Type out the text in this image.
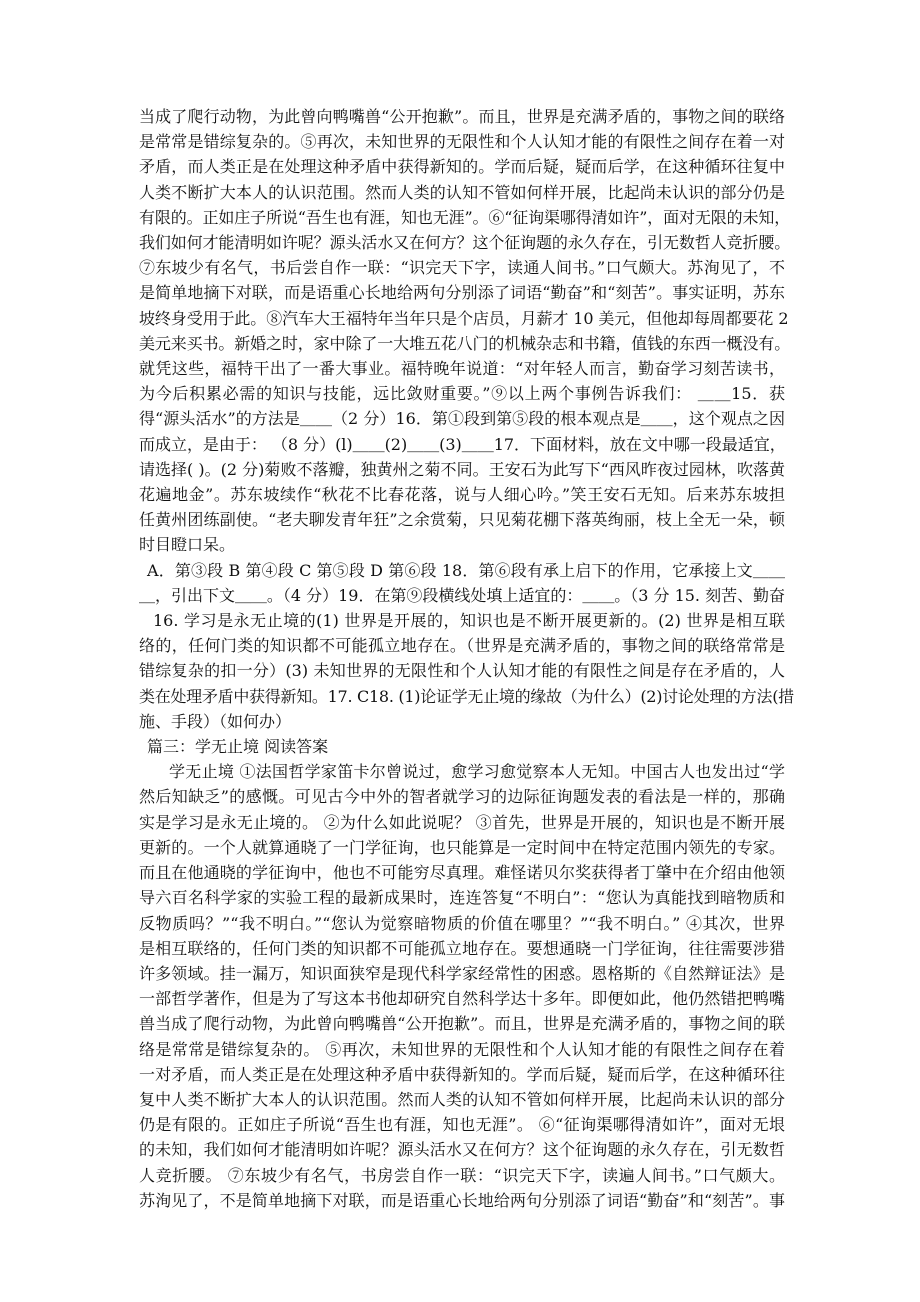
当成了爬行动物，为此曾向鸭嘴兽“公开抱歉”。而且，世界是充满矛盾的，事物之间的联络
是常常是错综复杂的。⑤再次，未知世界的无限性和个人认知才能的有限性之间存在着一对
矛盾，而人类正是在处理这种矛盾中获得新知的。学而后疑，疑而后学，在这种循环往复中
人类不断扩大本人的认识范围。然而人类的认知不管如何样开展，比起尚未认识的部分仍是
有限的。正如庄子所说“吾生也有涯，知也无涯”。⑥“征询渠哪得清如许”，面对无限的未知，
我们如何才能清明如许呢？源头活水又在何方？这个征询题的永久存在，引无数哲人竞折腰。
⑦东坡少有名气，书后尝自作一联：“识完天下字，读通人间书。”口气颇大。苏洵见了，不
是简单地摘下对联，而是语重心长地给两句分别添了词语“勤奋”和“刻苦”。事实证明，苏东
坡终身受用于此。⑧汽车大王福特年当年只是个店员，月薪才 10 美元，但他却每周都要花 2
美元来买书。新婚之时，家中除了一大堆五花八门的机械杂志和书籍，值钱的东西一概没有。
就凭这些，福特干出了一番大事业。福特晚年说道：“对年轻人而言，勤奋学习刻苦读书，
为今后积累必需的知识与技能，远比敛财重要。”⑨以上两个事例告诉我们： ＿＿15．获
得“源头活水”的方法是＿＿（2 分）16．第①段到第⑤段的根本观点是＿＿，这个观点之因
而成立，是由于： （8 分）(l)＿＿(2)＿＿(3)＿＿17．下面材料，放在文中哪一段最适宜，
请选择( )。(2 分)菊败不落瓣，独黄州之菊不同。王安石为此写下“西风昨夜过园林，吹落黄
花遍地金”。苏东坡续作“秋花不比春花落，说与人细心吟。”笑王安石无知。后来苏东坡担
任黄州团练副使。“老夫聊发青年狂”之余赏菊，只见菊花棚下落英绚丽，枝上全无一朵，顿
时目瞪口呆。
A．第③段 B 第④段 C 第⑤段 D 第⑥段 18．第⑥段有承上启下的作用，它承接上文＿＿
＿，引出下文＿＿。（4 分）19．在第⑨段横线处填上适宜的：＿＿。（3 分 15. 刻苦、勤奋
16. 学习是永无止境的(1) 世界是开展的，知识也是不断开展更新的。(2) 世界是相互联
络的，任何门类的知识都不可能孤立地存在。（世界是充满矛盾的，事物之间的联络常常是
错综复杂的扣一分）(3) 未知世界的无限性和个人认知才能的有限性之间是存在矛盾的，人
类在处理矛盾中获得新知。17. C18. (1)论证学无止境的缘故（为什么）(2)讨论处理的方法(措
施、手段）（如何办）
篇三：学无止境 阅读答案
学无止境 ①法国哲学家笛卡尔曾说过，愈学习愈觉察本人无知。中国古人也发出过“学
然后知缺乏”的感慨。可见古今中外的智者就学习的边际征询题发表的看法是一样的，那确
实是学习是永无止境的。 ②为什么如此说呢？ ③首先，世界是开展的，知识也是不断开展
更新的。一个人就算通晓了一门学征询，也只能算是一定时间中在特定范围内领先的专家。
而且在他通晓的学征询中，他也不可能穷尽真理。难怪诺贝尔奖获得者丁肇中在介绍由他领
导六百名科学家的实验工程的最新成果时，连连答复“不明白”：“您认为真能找到暗物质和
反物质吗？”“我不明白。”“您认为觉察暗物质的价值在哪里？”“我不明白。” ④其次，世界
是相互联络的，任何门类的知识都不可能孤立地存在。要想通晓一门学征询，往往需要涉猎
许多领域。挂一漏万，知识面狭窄是现代科学家经常性的困惑。恩格斯的《自然辩证法》是
一部哲学著作，但是为了写这本书他却研究自然科学达十多年。即便如此，他仍然错把鸭嘴
兽当成了爬行动物，为此曾向鸭嘴兽“公开抱歉”。而且，世界是充满矛盾的，事物之间的联
络是常常是错综复杂的。 ⑤再次，未知世界的无限性和个人认知才能的有限性之间存在着
一对矛盾，而人类正是在处理这种矛盾中获得新知的。学而后疑，疑而后学，在这种循环往
复中人类不断扩大本人的认识范围。然而人类的认知不管如何样开展，比起尚未认识的部分
仍是有限的。正如庄子所说“吾生也有涯，知也无涯”。 ⑥“征询渠哪得清如许”，面对无垠
的未知，我们如何才能清明如许呢？源头活水又在何方？这个征询题的永久存在，引无数哲
人竞折腰。 ⑦东坡少有名气，书房尝自作一联：“识完天下字，读遍人间书。”口气颇大。
苏洵见了，不是简单地摘下对联，而是语重心长地给两句分别添了词语“勤奋”和“刻苦”。事
